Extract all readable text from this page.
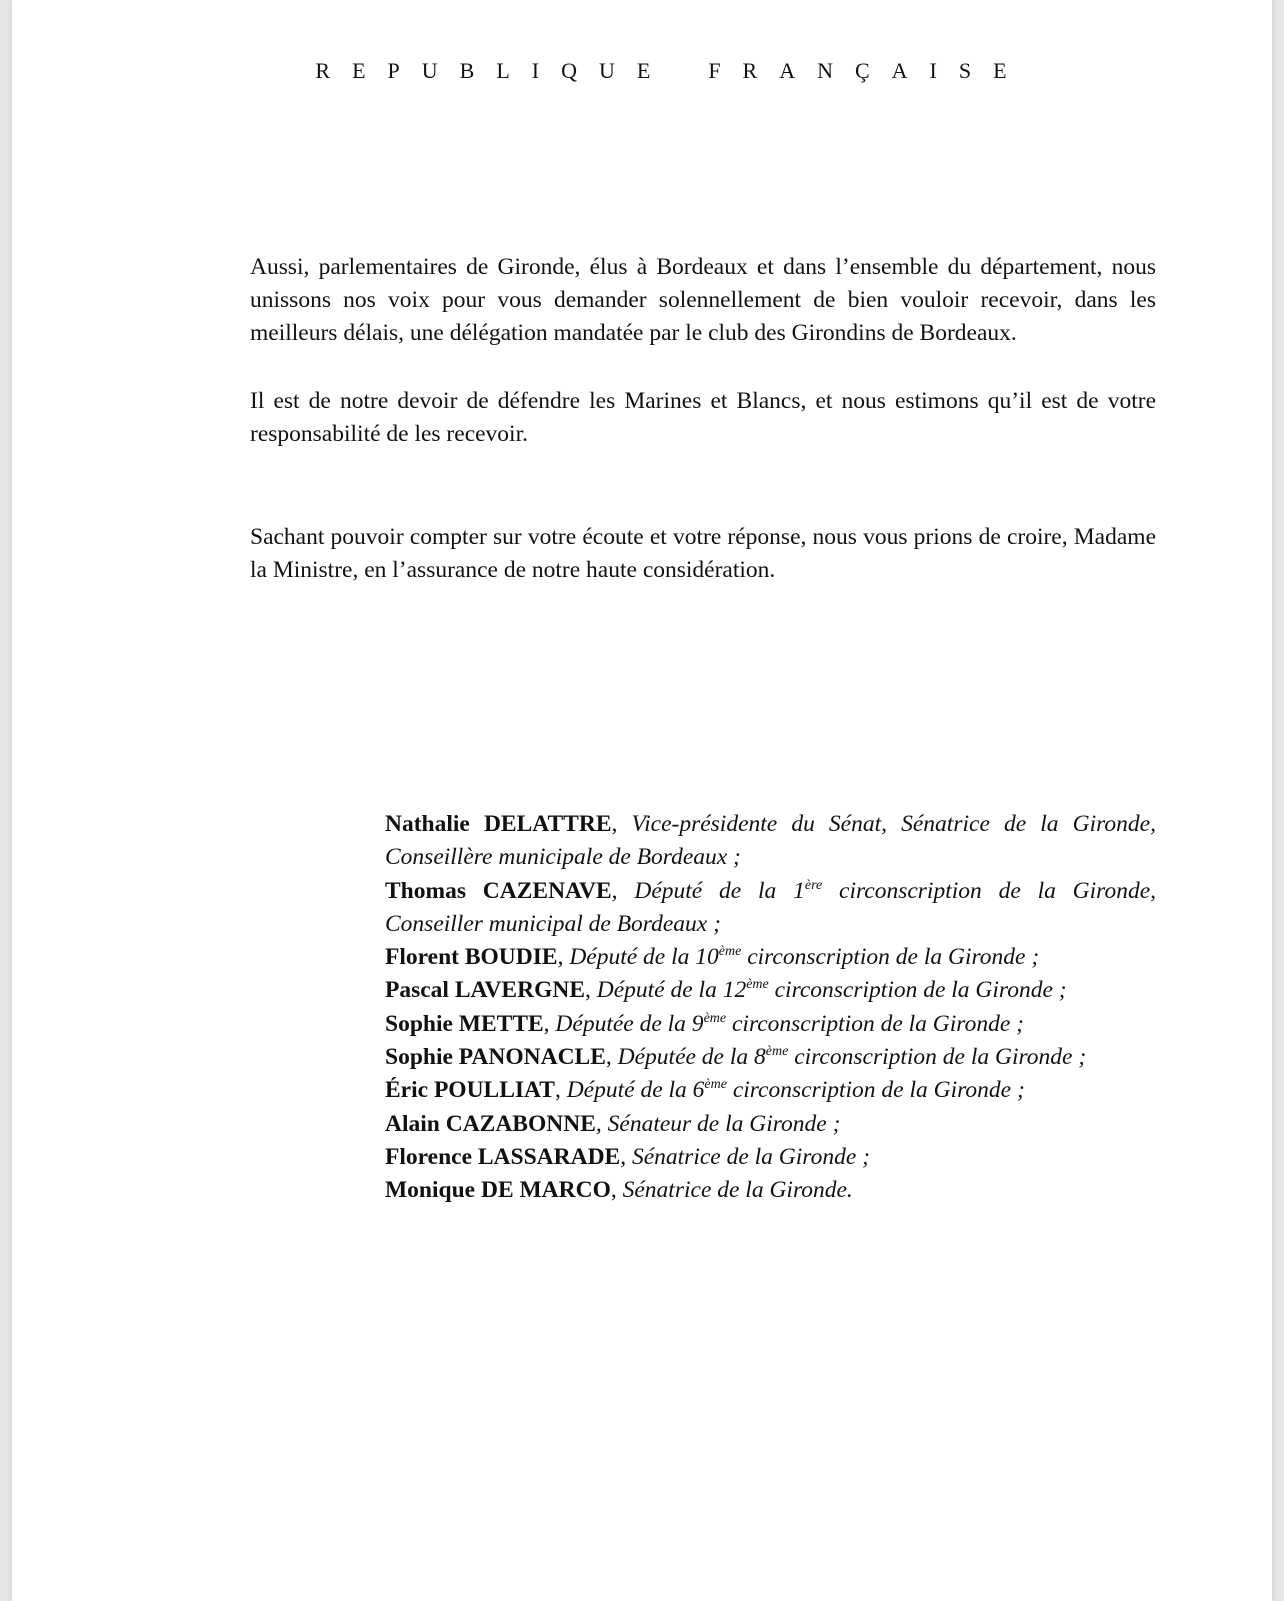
REPUBLIQUE FRANÇAISE
Aussi, parlementaires de Gironde, élus à Bordeaux et dans l’ensemble du département, nous unissons nos voix pour vous demander solennellement de bien vouloir recevoir, dans les meilleurs délais, une délégation mandatée par le club des Girondins de Bordeaux.
Il est de notre devoir de défendre les Marines et Blancs, et nous estimons qu’il est de votre responsabilité de les recevoir.
Sachant pouvoir compter sur votre écoute et votre réponse, nous vous prions de croire, Madame la Ministre, en l’assurance de notre haute considération.
Nathalie DELATTRE, Vice-présidente du Sénat, Sénatrice de la Gironde, Conseillère municipale de Bordeaux ;
Thomas CAZENAVE, Député de la 1ère circonscription de la Gironde, Conseiller municipal de Bordeaux ;
Florent BOUDIE, Député de la 10ème circonscription de la Gironde ;
Pascal LAVERGNE, Député de la 12ème circonscription de la Gironde ;
Sophie METTE, Députée de la 9ème circonscription de la Gironde ;
Sophie PANONACLE, Députée de la 8ème circonscription de la Gironde ;
Éric POULLIAT, Député de la 6ème circonscription de la Gironde ;
Alain CAZABONNE, Sénateur de la Gironde ;
Florence LASSARADE, Sénatrice de la Gironde ;
Monique DE MARCO, Sénatrice de la Gironde.
